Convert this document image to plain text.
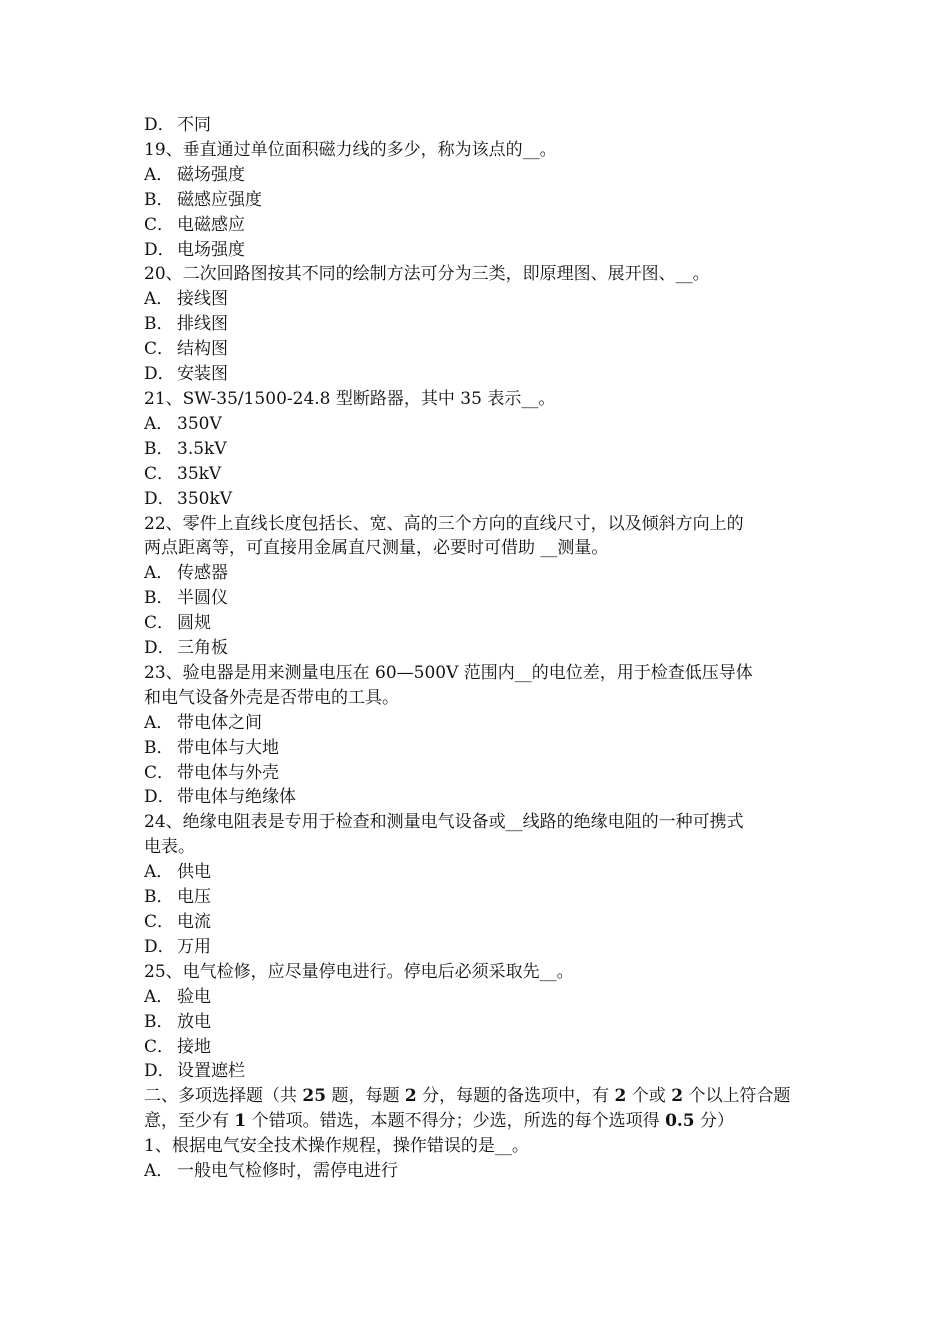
D． 不同
19、垂直通过单位面积磁力线的多少，称为该点的__。
A． 磁场强度
B． 磁感应强度
C． 电磁感应
D． 电场强度
20、二次回路图按其不同的绘制方法可分为三类，即原理图、展开图、__。
A． 接线图
B． 排线图
C． 结构图
D． 安装图
21、SW-35/1500-24.8 型断路器，其中 35 表示__。
A． 350V
B． 3.5kV
C． 35kV
D． 350kV
22、零件上直线长度包括长、宽、高的三个方向的直线尺寸，以及倾斜方向上的
两点距离等，可直接用金属直尺测量，必要时可借助 __测量。
A． 传感器
B． 半圆仪
C． 圆规
D． 三角板
23、验电器是用来测量电压在 60—500V 范围内__的电位差，用于检查低压导体
和电气设备外壳是否带电的工具。
A． 带电体之间
B． 带电体与大地
C． 带电体与外壳
D． 带电体与绝缘体
24、绝缘电阻表是专用于检查和测量电气设备或__线路的绝缘电阻的一种可携式
电表。
A． 供电
B． 电压
C． 电流
D． 万用
25、电气检修，应尽量停电进行。停电后必须采取先__。
A． 验电
B． 放电
C． 接地
D． 设置遮栏
二、多项选择题（共 25 题，每题 2 分，每题的备选项中，有 2 个或 2 个以上符合题意，至少有 1 个错项。错选，本题不得分；少选，所选的每个选项得 0.5 分）
1、根据电气安全技术操作规程，操作错误的是__。
A． 一般电气检修时，需停电进行
